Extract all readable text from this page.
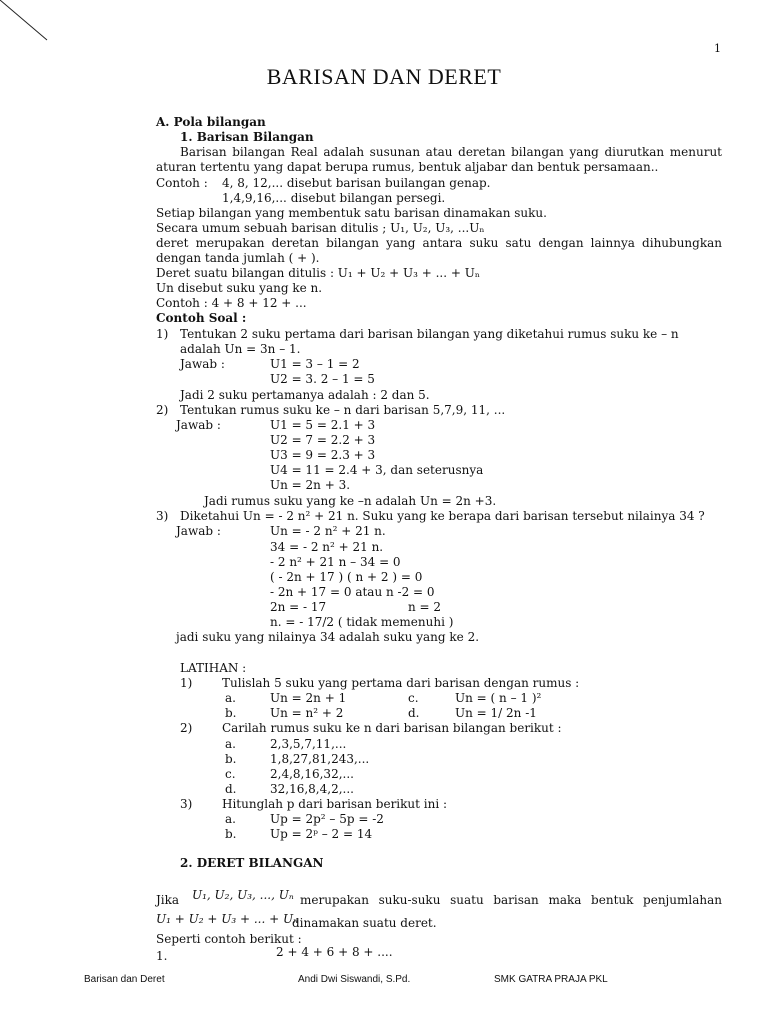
1
BARISAN DAN DERET
A. Pola bilangan
1. Barisan Bilangan
Barisan bilangan Real adalah susunan atau deretan bilangan yang diurutkan menurut
aturan tertentu yang dapat berupa rumus, bentuk aljabar dan bentuk persamaan..
Contoh : 4, 8, 12,... disebut barisan builangan genap.
1,4,9,16,... disebut bilangan persegi.
Setiap bilangan yang membentuk satu barisan dinamakan suku.
Secara umum sebuah barisan ditulis ; U₁, U₂, U₃, ...Uₙ
deret merupakan deretan bilangan yang antara suku satu dengan lainnya dihubungkan
dengan tanda jumlah ( + ).
Deret suatu bilangan ditulis : U₁ + U₂ + U₃ + ... + Uₙ
Un disebut suku yang ke n.
Contoh : 4 + 8 + 12 + ...
Contoh Soal :
1) Tentukan 2 suku pertama dari barisan bilangan yang diketahui rumus suku ke – n
adalah Un = 3n – 1.
Jawab :	U1 = 3 – 1 = 2
U2 = 3. 2 – 1 = 5
Jadi 2 suku pertamanya adalah : 2 dan 5.
2) Tentukan rumus suku ke – n dari barisan 5,7,9, 11, ...
Jawab :	U1 = 5 = 2.1 + 3
U2 = 7 = 2.2 + 3
U3 = 9 = 2.3 + 3
U4 = 11 = 2.4 + 3, dan seterusnya
Un = 2n + 3.
Jadi rumus suku yang ke –n adalah Un = 2n +3.
3) Diketahui Un = - 2 n² + 21 n. Suku yang ke berapa dari barisan tersebut nilainya 34 ?
Jawab :	Un = - 2 n² + 21 n.
34 = - 2 n² + 21 n.
- 2 n² + 21 n – 34 = 0
( - 2n + 17 ) ( n + 2 ) = 0
- 2n + 17 = 0 atau n -2 = 0
2n = - 17	n = 2
n. = - 17/2 ( tidak memenuhi )
jadi suku yang nilainya 34 adalah suku yang ke 2.
LATIHAN :
1) Tulislah 5 suku yang pertama dari barisan dengan rumus :
a.	Un = 2n + 1	c.	Un = ( n – 1 )²
b.	Un = n² + 2	d.	Un = 1/ 2n -1
2) Carilah rumus suku ke n dari barisan bilangan berikut :
a.	2,3,5,7,11,...
b.	1,8,27,81,243,...
c.	2,4,8,16,32,...
d.	32,16,8,4,2,...
3) Hitunglah p dari barisan berikut ini :
a.	Up = 2p² – 5p = -2
b.	Up = 2ᵖ – 2 = 14
2. DERET BILANGAN
Jika U₁, U₂, U₃, ..., Uₙ merupakan suku-suku suatu barisan maka bentuk penjumlahan
U₁ + U₂ + U₃ + ... + Uₙ
dinamakan suatu deret.
Seperti contoh berikut :
1.	2 + 4 + 6 + 8 + ....
Barisan dan Deret	Andi Dwi Siswandi, S.Pd.	SMK GATRA PRAJA PKL
